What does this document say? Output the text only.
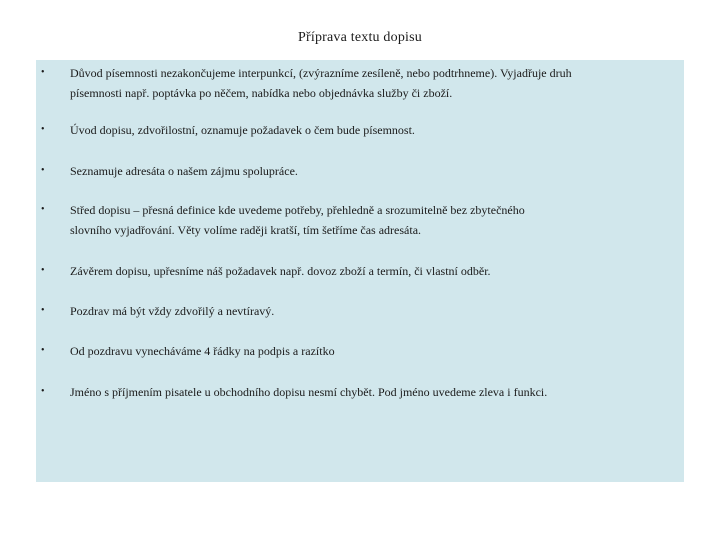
Příprava textu dopisu
• Důvod písemnosti nezakončujeme interpunkcí, (zvýrazníme zesíleně, nebo podtrhneme). Vyjadřuje druh
písemnosti např. poptávka po něčem, nabídka nebo objednávka služby či zboží.
• Úvod dopisu, zdvořilostní, oznamuje požadavek o čem bude písemnost.
• Seznamuje adresáta o našem zájmu spolupráce.
• Střed dopisu – přesná definice kde uvedeme potřeby, přehledně a srozumitelně bez zbytečného
slovního vyjadřování. Věty volíme raději kratší, tím šetříme čas adresáta.
• Závěrem dopisu, upřesníme náš požadavek např. dovoz zboží a termín, či vlastní odběr.
• Pozdrav má být vždy zdvořilý a nevtíravý.
• Od pozdravu vynecháváme 4 řádky na podpis a razítko
• Jméno s příjmením pisatele u obchodního dopisu nesmí chybět. Pod jméno uvedeme zleva i funkci.
